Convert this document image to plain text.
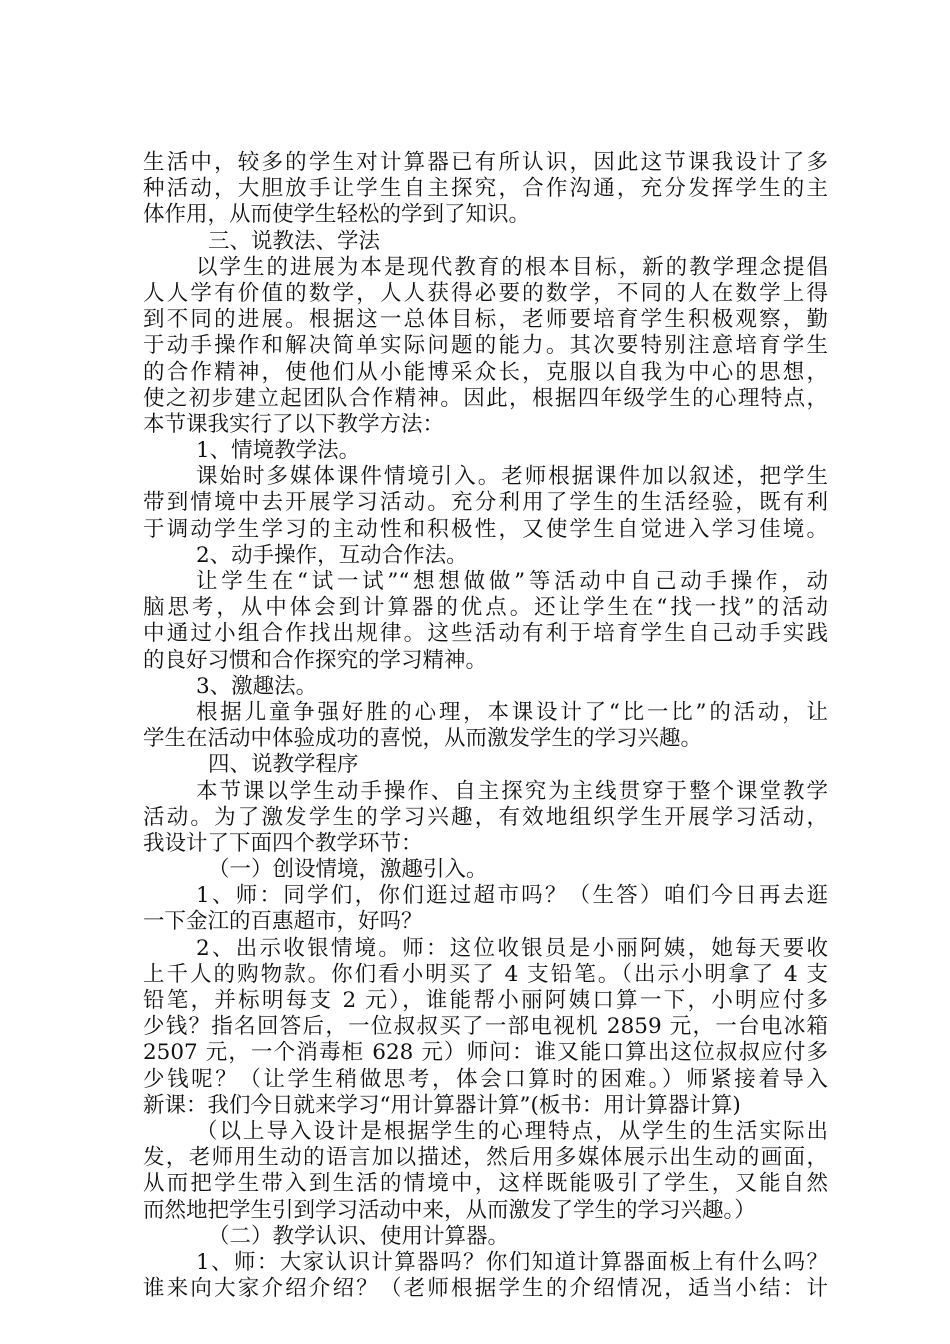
生活中，较多的学生对计算器已有所认识，因此这节课我设计了多
种活动，大胆放手让学生自主探究，合作沟通，充分发挥学生的主
体作用，从而使学生轻松的学到了知识。
三、说教法、学法
以学生的进展为本是现代教育的根本目标，新的教学理念提倡
人人学有价值的数学，人人获得必要的数学，不同的人在数学上得
到不同的进展。根据这一总体目标，老师要培育学生积极观察，勤
于动手操作和解决简单实际问题的能力。其次要特别注意培育学生
的合作精神，使他们从小能博采众长，克服以自我为中心的思想，
使之初步建立起团队合作精神。因此，根据四年级学生的心理特点，
本节课我实行了以下教学方法：
1、情境教学法。
课始时多媒体课件情境引入。老师根据课件加以叙述，把学生
带到情境中去开展学习活动。充分利用了学生的生活经验，既有利
于调动学生学习的主动性和积极性，又使学生自觉进入学习佳境。
2、动手操作，互动合作法。
让学生在“试一试”“想想做做”等活动中自己动手操作，动
脑思考，从中体会到计算器的优点。还让学生在“找一找”的活动
中通过小组合作找出规律。这些活动有利于培育学生自己动手实践
的良好习惯和合作探究的学习精神。
3、激趣法。
根据儿童争强好胜的心理，本课设计了“比一比”的活动，让
学生在活动中体验成功的喜悦，从而激发学生的学习兴趣。
四、说教学程序
本节课以学生动手操作、自主探究为主线贯穿于整个课堂教学
活动。为了激发学生的学习兴趣，有效地组织学生开展学习活动，
我设计了下面四个教学环节：
（一）创设情境，激趣引入。
1、师：同学们，你们逛过超市吗？（生答）咱们今日再去逛
一下金江的百惠超市，好吗？
2、出示收银情境。师：这位收银员是小丽阿姨，她每天要收
上千人的购物款。你们看小明买了 4 支铅笔。（出示小明拿了 4 支
铅笔，并标明每支 2 元），谁能帮小丽阿姨口算一下，小明应付多
少钱？指名回答后，一位叔叔买了一部电视机 2859 元，一台电冰箱
2507 元，一个消毒柜 628 元）师问：谁又能口算出这位叔叔应付多
少钱呢？（让学生稍做思考，体会口算时的困难。）师紧接着导入
新课：我们今日就来学习“用计算器计算”(板书：用计算器计算)
（以上导入设计是根据学生的心理特点，从学生的生活实际出
发，老师用生动的语言加以描述，然后用多媒体展示出生动的画面，
从而把学生带入到生活的情境中，这样既能吸引了学生，又能自然
而然地把学生引到学习活动中来，从而激发了学生的学习兴趣。）
（二）教学认识、使用计算器。
1、师：大家认识计算器吗？你们知道计算器面板上有什么吗？
谁来向大家介绍介绍？（老师根据学生的介绍情况，适当小结：计
